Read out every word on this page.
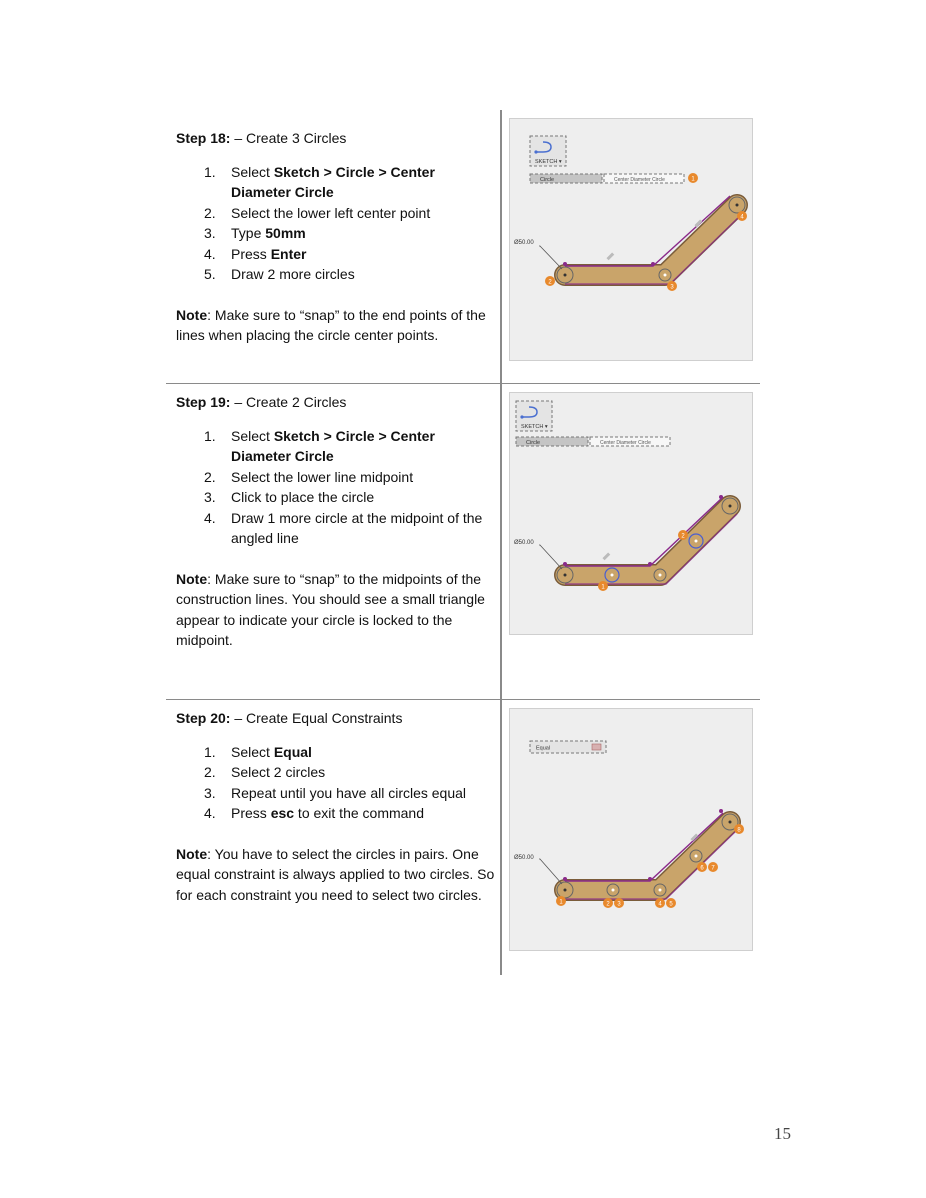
Step 18: – Create 3 Circles
1. Select Sketch > Circle > Center Diameter Circle
2. Select the lower left center point
3. Type 50mm
4. Press Enter
5. Draw 2 more circles

Note: Make sure to “snap” to the end points of the lines when placing the circle center points.

Step 19: – Create 2 Circles
1. Select Sketch > Circle > Center Diameter Circle
2. Select the lower line midpoint
3. Click to place the circle
4. Draw 1 more circle at the midpoint of the angled line

Note: Make sure to “snap” to the midpoints of the construction lines. You should see a small triangle appear to indicate your circle is locked to the midpoint.

Step 20: – Create Equal Constraints
1. Select Equal
2. Select 2 circles
3. Repeat until you have all circles equal
4. Press esc to exit the command

Note: You have to select the circles in pairs. One equal constraint is always applied to two circles. So for each constraint you need to select two circles.

SKETCH ▾
Circle	Center Diameter Circle	1
Ø50.00
2
3
4
SKETCH ▾
Circle	Center Diameter Circle
Ø50.00
1
2
Equal
Ø50.00
1	2 3	4 5
6 7
8
15
